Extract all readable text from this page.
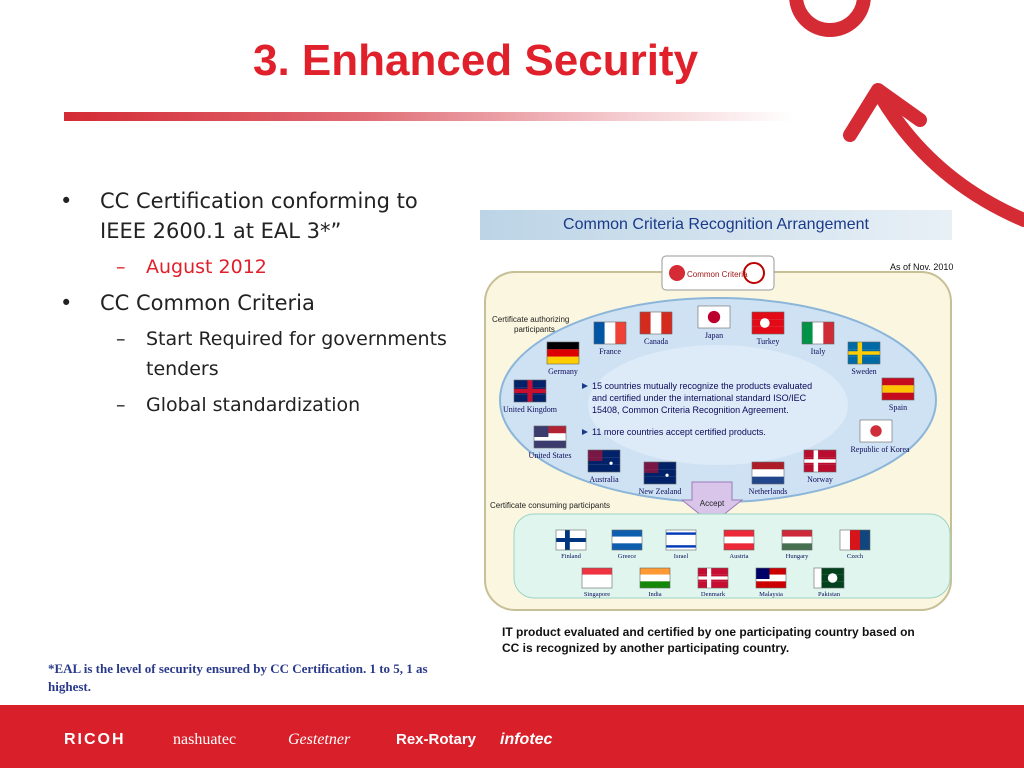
3. Enhanced Security
• CC Certification conforming to IEEE 2600.1 at EAL 3*”
– August 2012
• CC Common Criteria
– Start Required for governments tenders
– Global standardization
*EAL is the level of security ensured by CC Certification. 1 to 5, 1 as highest.
Common Criteria Recognition Arrangement
Common Criteria
As of Nov. 2010
Certificate authorizing
participants
France
Canada
Japan
Turkey
Italy
Germany	Sweden
United Kingdom	Spain
United States
Republic of Korea
Australia
New Zealand	Netherlands
Norway
15 countries mutually recognize the products evaluated
and certified under the international standard ISO/IEC
15408, Common Criteria Recognition Agreement.
11 more countries accept certified products.
Accept
Certificate consuming participants
Finland	Greece	Israel	Austria	Hungary	Czech
Singapore	India	Denmark	Malaysia	Pakistan
IT product evaluated and certified by one participating country based on CC is recognized by another participating country.
RICOH	nashuatec	Gestetner	Rex-Rotary infotec
